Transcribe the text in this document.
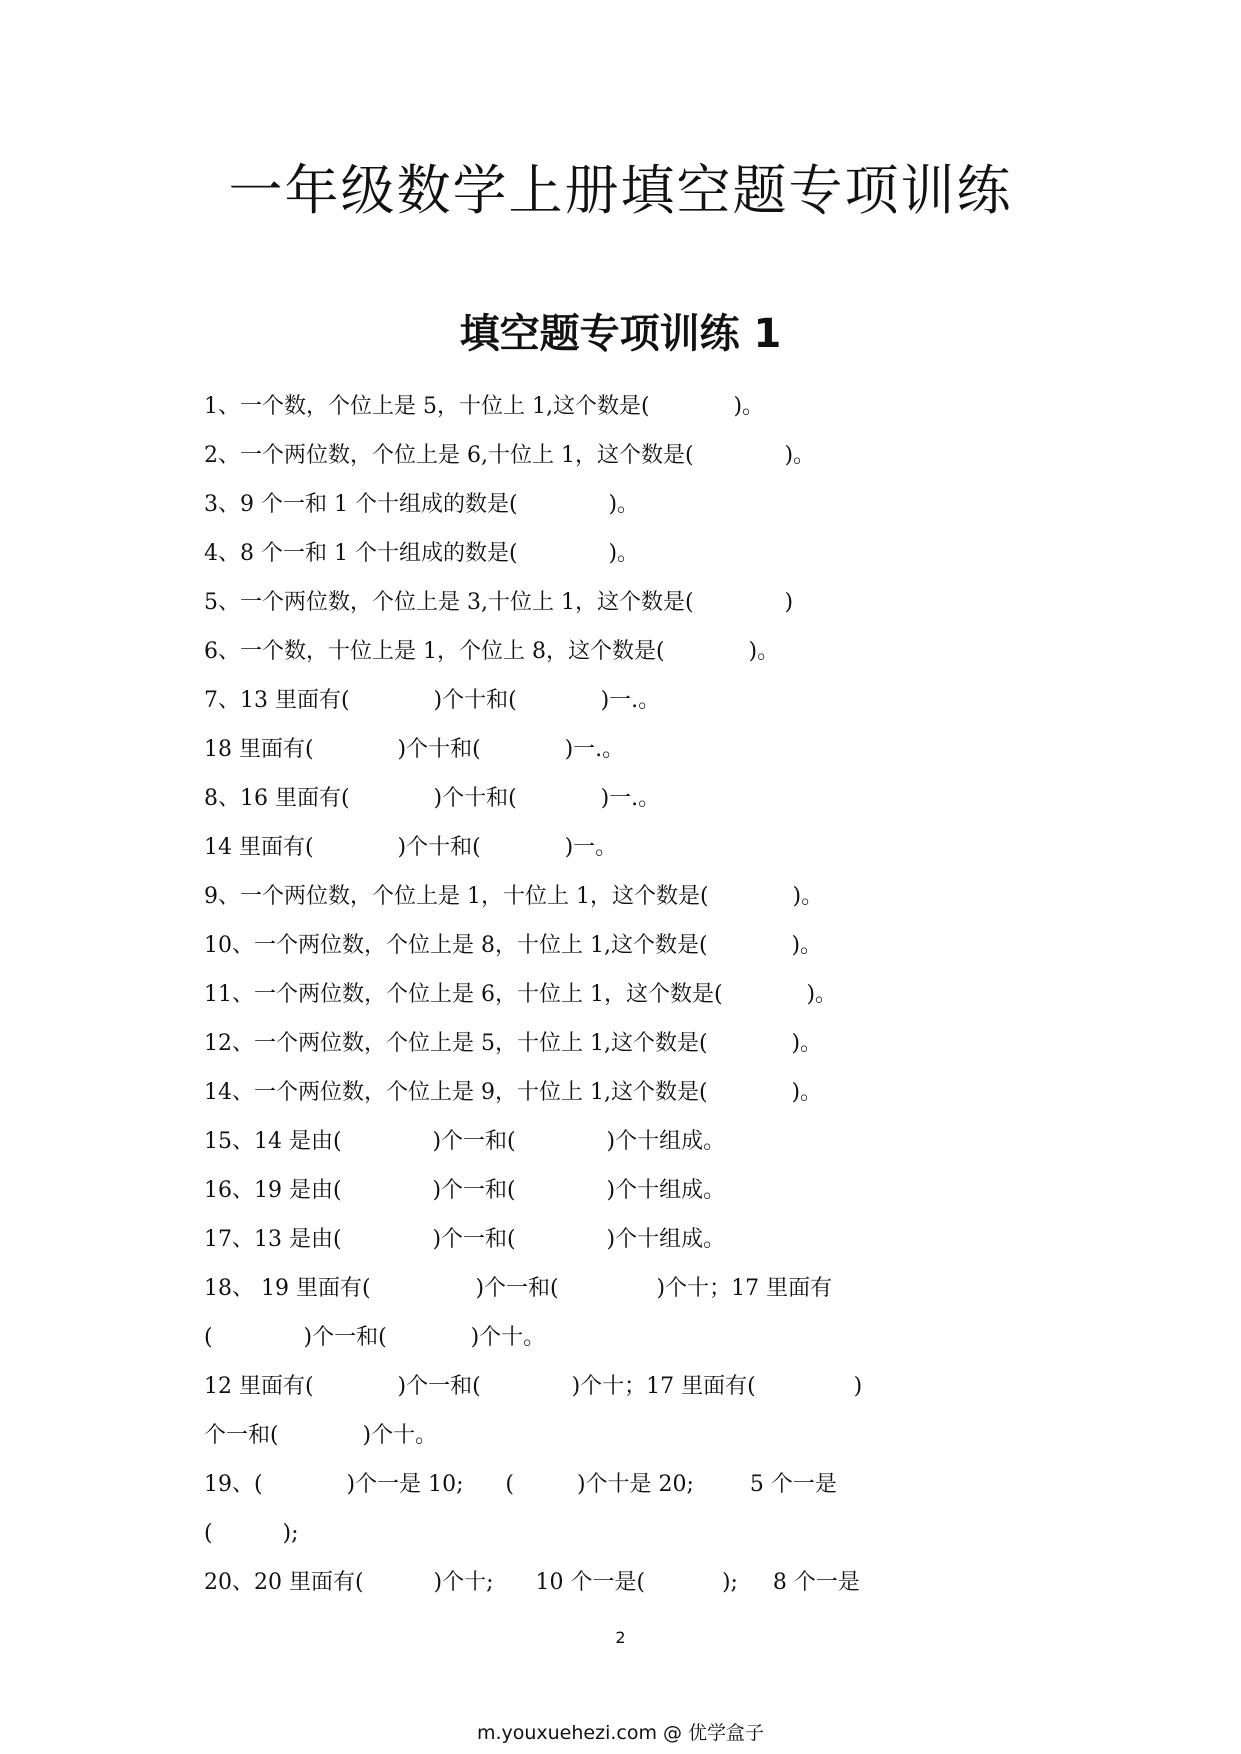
一年级数学上册填空题专项训练
填空题专项训练 1
1、一个数，个位上是 5，十位上 1,这个数是(            )。
2、一个两位数，个位上是 6,十位上 1，这个数是(             )。
3、9 个一和 1 个十组成的数是(             )。
4、8 个一和 1 个十组成的数是(             )。
5、一个两位数，个位上是 3,十位上 1，这个数是(             )
6、一个数，十位上是 1，个位上 8，这个数是(            )。
7、13 里面有(            )个十和(            )一.。
18 里面有(            )个十和(            )一.。
8、16 里面有(            )个十和(            )一.。
14 里面有(            )个十和(            )一。
9、一个两位数，个位上是 1，十位上 1，这个数是(            )。
10、一个两位数，个位上是 8，十位上 1,这个数是(            )。
11、一个两位数，个位上是 6，十位上 1，这个数是(            )。
12、一个两位数，个位上是 5，十位上 1,这个数是(            )。
14、一个两位数，个位上是 9，十位上 1,这个数是(            )。
15、14 是由(             )个一和(             )个十组成。
16、19 是由(             )个一和(             )个十组成。
17、13 是由(             )个一和(             )个十组成。
18、 19 里面有(               )个一和(              )个十；17 里面有
(             )个一和(            )个十。
12 里面有(            )个一和(             )个十；17 里面有(              )
个一和(            )个十。
19、(            )个一是 10;      (         )个十是 20;        5 个一是
(          );
20、20 里面有(          )个十;      10 个一是(           );     8 个一是
2
m.youxuehezi.com @ 优学盒子
